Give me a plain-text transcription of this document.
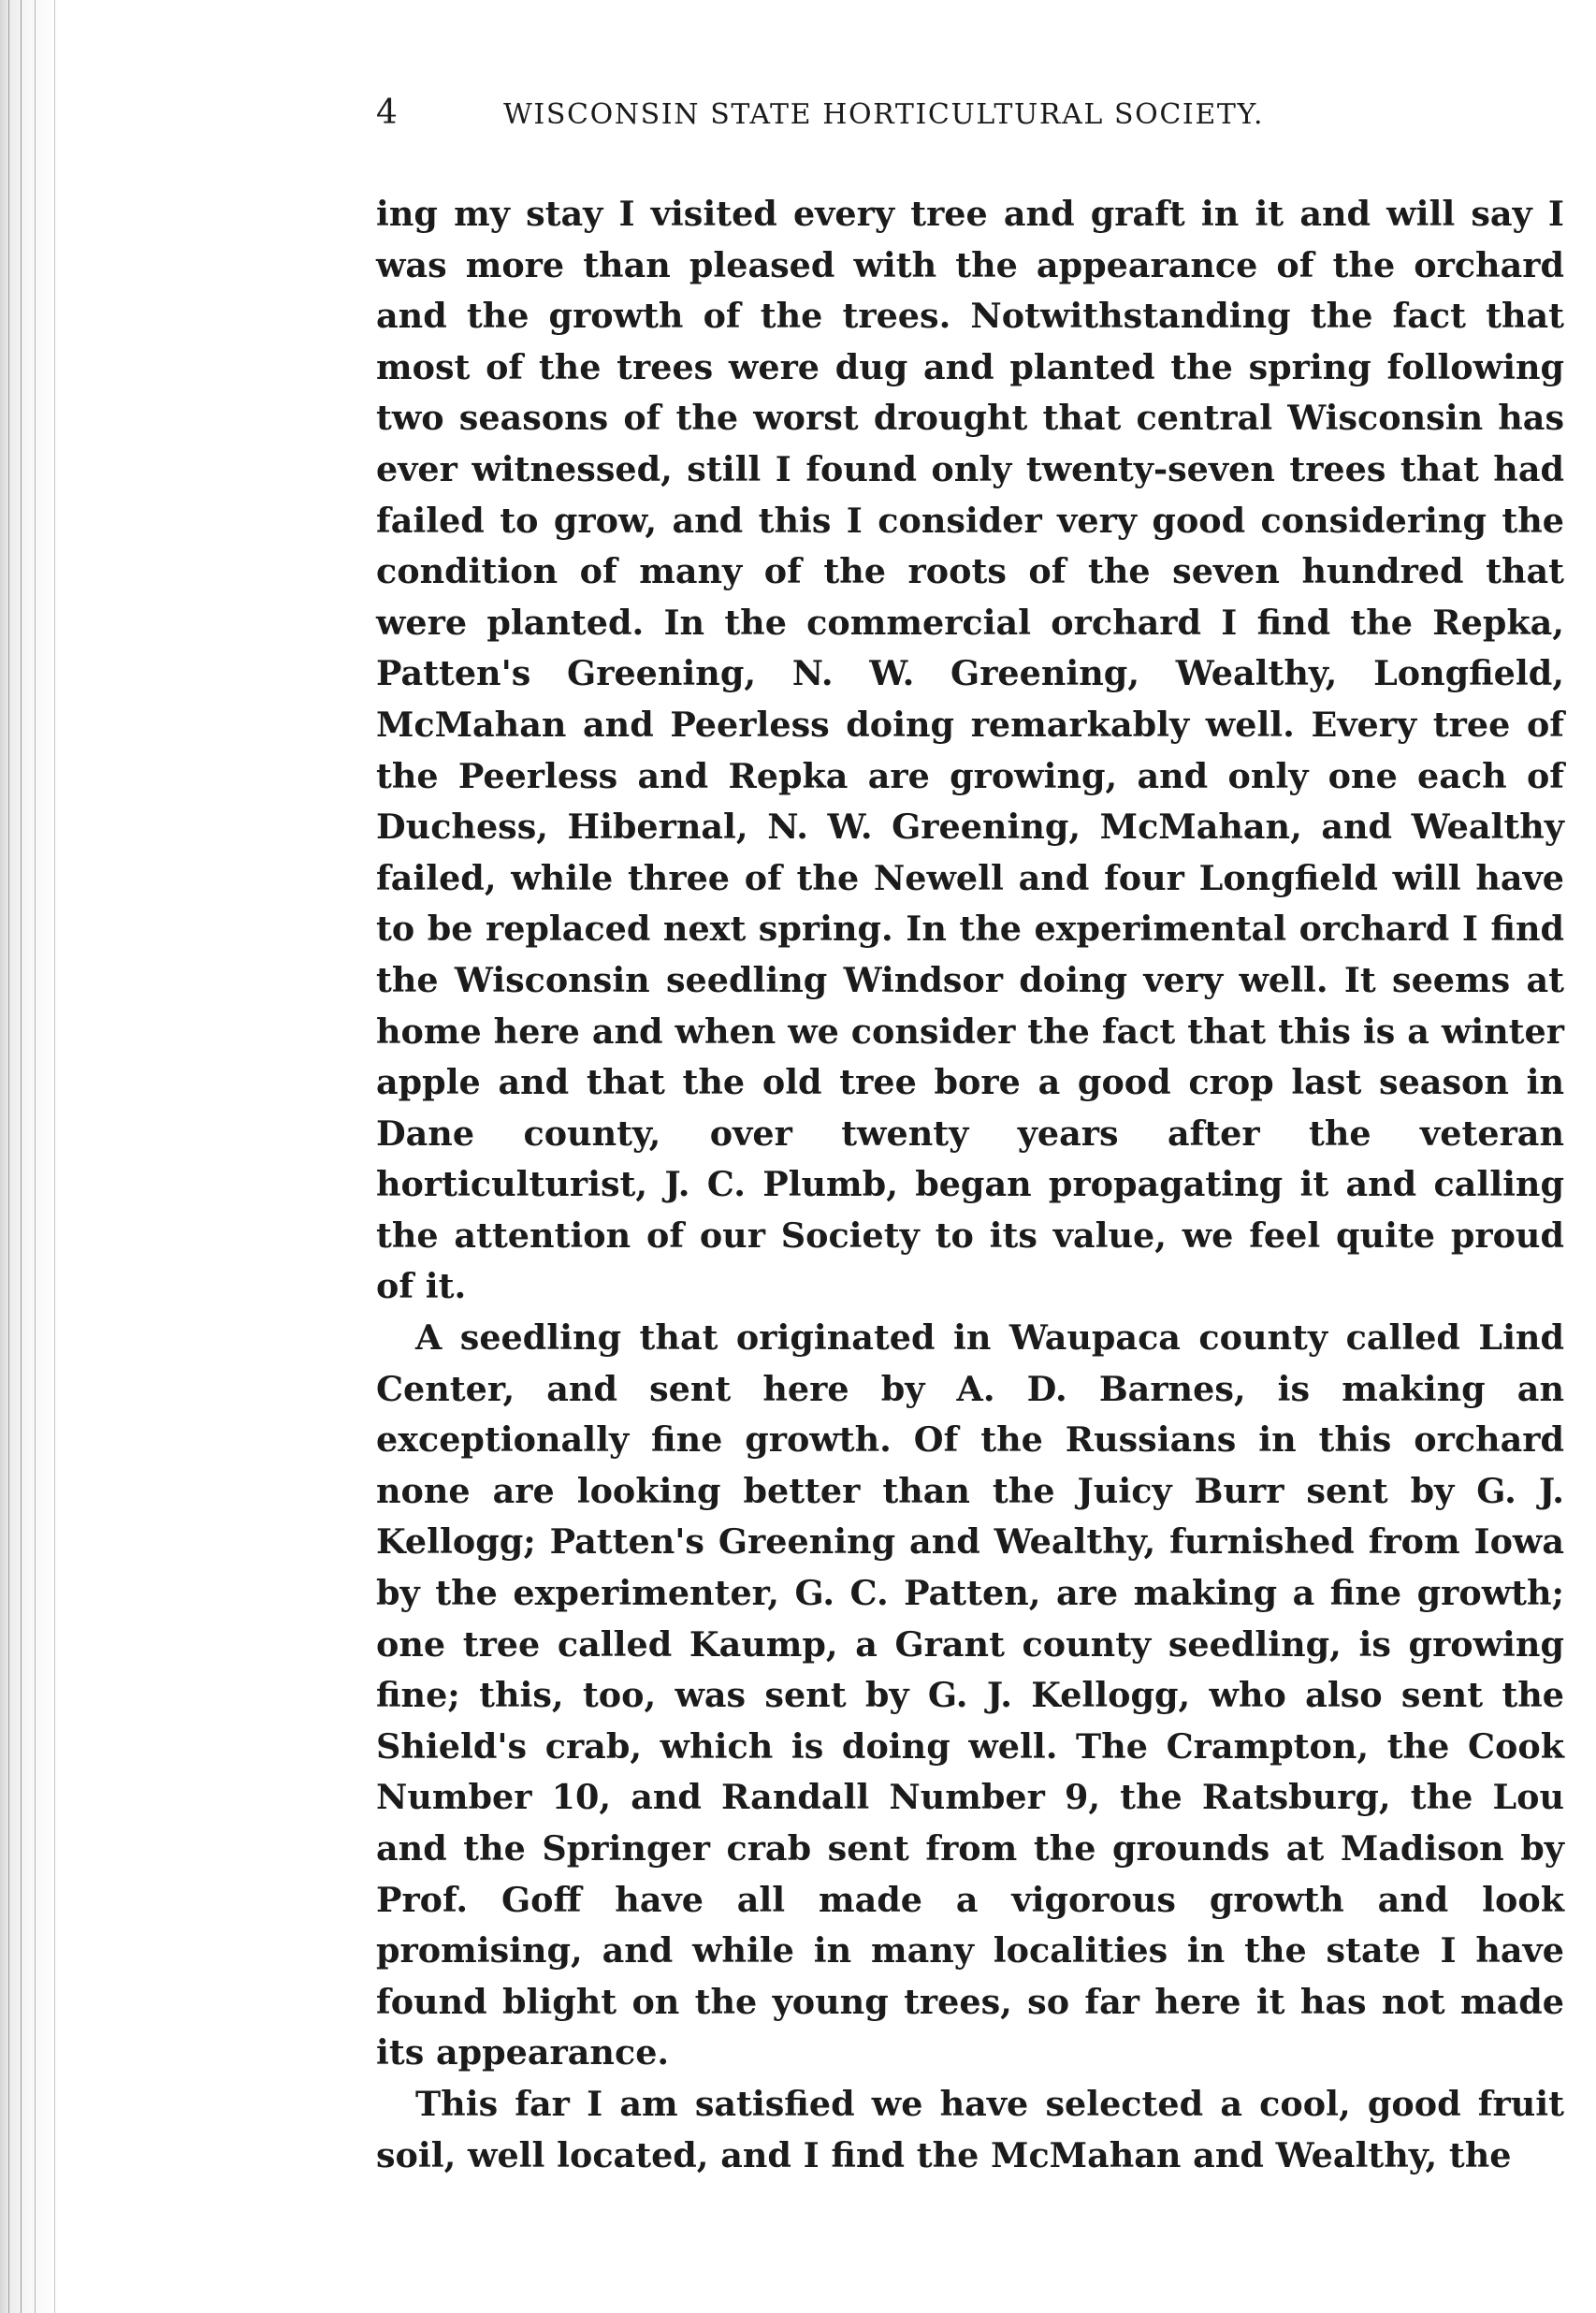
4	WISCONSIN STATE HORTICULTURAL SOCIETY.

ing my stay I visited every tree and graft in it and will say I was more than pleased with the appearance of the orchard and the growth of the trees. Notwithstanding the fact that most of the trees were dug and planted the spring following two seasons of the worst drought that central Wisconsin has ever witnessed, still I found only twenty-seven trees that had failed to grow, and this I consider very good considering the condition of many of the roots of the seven hundred that were planted. In the commercial orchard I find the Repka, Patten's Greening, N. W. Greening, Wealthy, Longfield, McMahan and Peerless doing remarkably well. Every tree of the Peerless and Repka are growing, and only one each of Duchess, Hibernal, N. W. Greening, McMahan, and Wealthy failed, while three of the Newell and four Longfield will have to be replaced next spring. In the experimental orchard I find the Wisconsin seedling Windsor doing very well. It seems at home here and when we consider the fact that this is a winter apple and that the old tree bore a good crop last season in Dane county, over twenty years after the veteran horticulturist, J. C. Plumb, began propagating it and calling the attention of our Society to its value, we feel quite proud of it.

A seedling that originated in Waupaca county called Lind Center, and sent here by A. D. Barnes, is making an exceptionally fine growth. Of the Russians in this orchard none are looking better than the Juicy Burr sent by G. J. Kellogg; Patten's Greening and Wealthy, furnished from Iowa by the experimenter, G. C. Patten, are making a fine growth; one tree called Kaump, a Grant county seedling, is growing fine; this, too, was sent by G. J. Kellogg, who also sent the Shield's crab, which is doing well. The Crampton, the Cook Number 10, and Randall Number 9, the Ratsburg, the Lou and the Springer crab sent from the grounds at Madison by Prof. Goff have all made a vigorous growth and look promising, and while in many localities in the state I have found blight on the young trees, so far here it has not made its appearance.

This far I am satisfied we have selected a cool, good fruit soil, well located, and I find the McMahan and Wealthy, the
